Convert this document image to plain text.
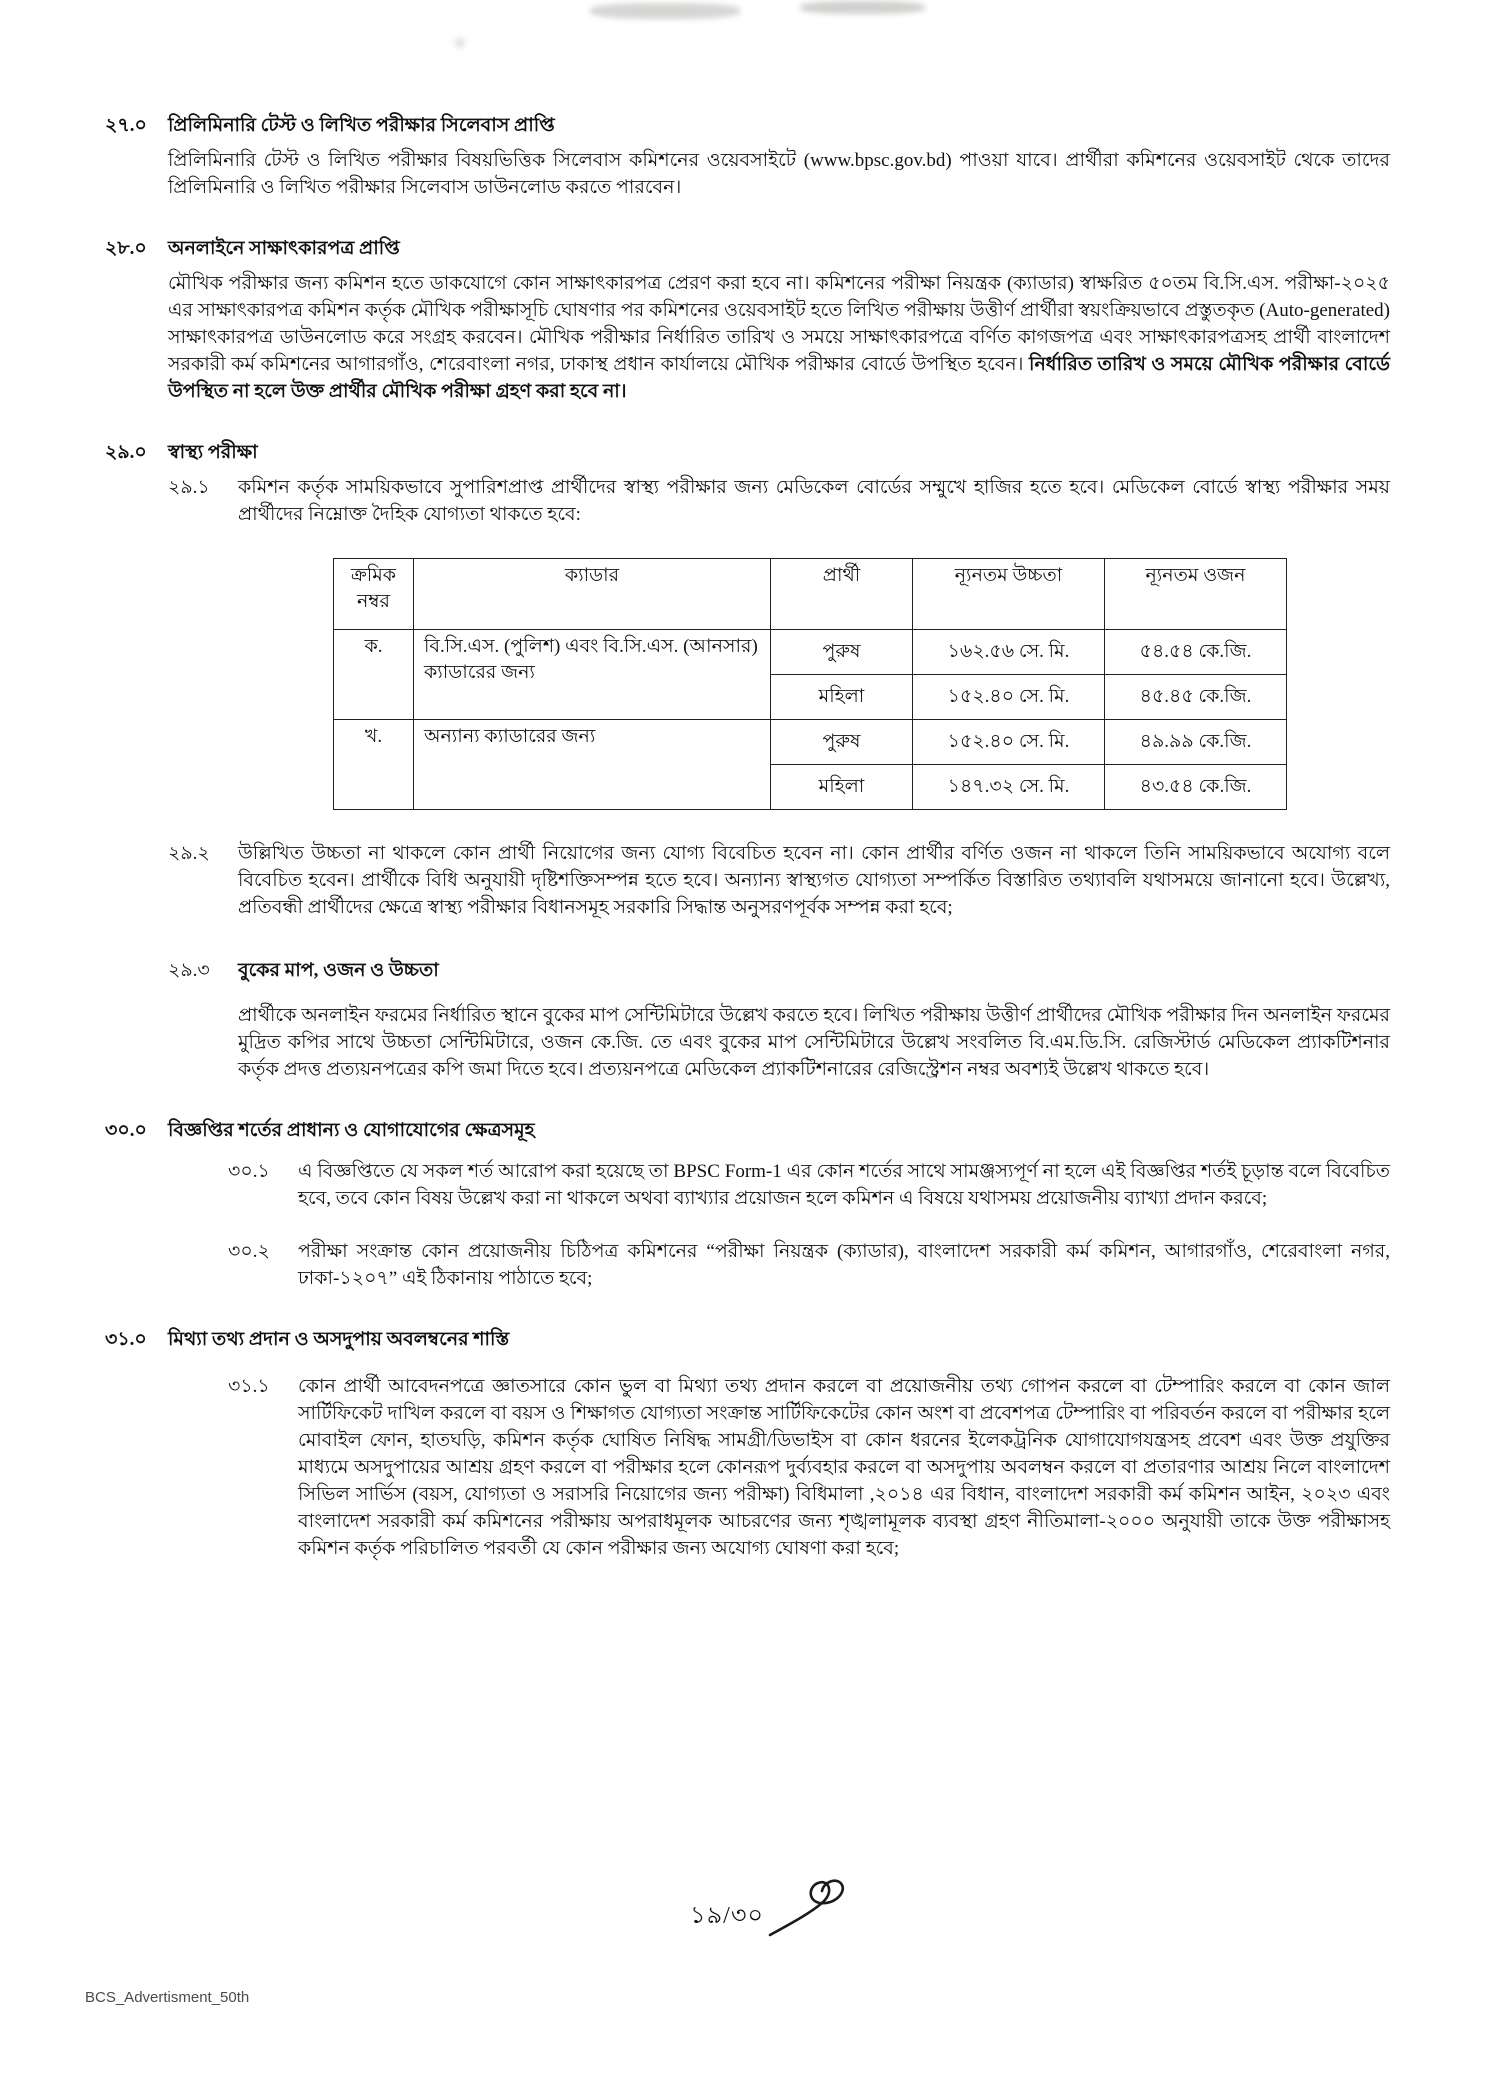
২৭.০	প্রিলিমিনারি টেস্ট ও লিখিত পরীক্ষার সিলেবাস প্রাপ্তি

প্রিলিমিনারি টেস্ট ও লিখিত পরীক্ষার বিষয়ভিত্তিক সিলেবাস কমিশনের ওয়েবসাইটে (www.bpsc.gov.bd) পাওয়া যাবে। প্রার্থীরা কমিশনের ওয়েবসাইট থেকে তাদের প্রিলিমিনারি ও লিখিত পরীক্ষার সিলেবাস ডাউনলোড করতে পারবেন।

২৮.০	অনলাইনে সাক্ষাৎকারপত্র প্রাপ্তি

মৌখিক পরীক্ষার জন্য কমিশন হতে ডাকযোগে কোন সাক্ষাৎকারপত্র প্রেরণ করা হবে না। কমিশনের পরীক্ষা নিয়ন্ত্রক (ক্যাডার) স্বাক্ষরিত ৫০তম বি.সি.এস. পরীক্ষা-২০২৫ এর সাক্ষাৎকারপত্র কমিশন কর্তৃক মৌখিক পরীক্ষাসূচি ঘোষণার পর কমিশনের ওয়েবসাইট হতে লিখিত পরীক্ষায় উত্তীর্ণ প্রার্থীরা স্বয়ংক্রিয়ভাবে প্রস্তুতকৃত (Auto-generated) সাক্ষাৎকারপত্র ডাউনলোড করে সংগ্রহ করবেন। মৌখিক পরীক্ষার নির্ধারিত তারিখ ও সময়ে সাক্ষাৎকারপত্রে বর্ণিত কাগজপত্র এবং সাক্ষাৎকারপত্রসহ প্রার্থী বাংলাদেশ সরকারী কর্ম কমিশনের আগারগাঁও, শেরেবাংলা নগর, ঢাকাস্থ প্রধান কার্যালয়ে মৌখিক পরীক্ষার বোর্ডে উপস্থিত হবেন। নির্ধারিত তারিখ ও সময়ে মৌখিক পরীক্ষার বোর্ডে উপস্থিত না হলে উক্ত প্রার্থীর মৌখিক পরীক্ষা গ্রহণ করা হবে না।

২৯.০	স্বাস্থ্য পরীক্ষা
২৯.১	কমিশন কর্তৃক সাময়িকভাবে সুপারিশপ্রাপ্ত প্রার্থীদের স্বাস্থ্য পরীক্ষার জন্য মেডিকেল বোর্ডের সম্মুখে হাজির হতে হবে। মেডিকেল বোর্ডে স্বাস্থ্য পরীক্ষার সময় প্রার্থীদের নিম্নোক্ত দৈহিক যোগ্যতা থাকতে হবে:
ক্রমিক নম্বর	ক্যাডার	প্রার্থী	ন্যূনতম উচ্চতা	ন্যূনতম ওজন
ক.	বি.সি.এস. (পুলিশ) এবং বি.সি.এস. (আনসার) ক্যাডারের জন্য	পুরুষ	১৬২.৫৬ সে. মি.	৫৪.৫৪ কে.জি.
		মহিলা	১৫২.৪০ সে. মি.	৪৫.৪৫ কে.জি.
খ.	অন্যান্য ক্যাডারের জন্য	পুরুষ	১৫২.৪০ সে. মি.	৪৯.৯৯ কে.জি.
		মহিলা	১৪৭.৩২ সে. মি.	৪৩.৫৪ কে.জি.
২৯.২	উল্লিখিত উচ্চতা না থাকলে কোন প্রার্থী নিয়োগের জন্য যোগ্য বিবেচিত হবেন না। কোন প্রার্থীর বর্ণিত ওজন না থাকলে তিনি সাময়িকভাবে অযোগ্য বলে বিবেচিত হবেন। প্রার্থীকে বিধি অনুযায়ী দৃষ্টিশক্তিসম্পন্ন হতে হবে। অন্যান্য স্বাস্থ্যগত যোগ্যতা সম্পর্কিত বিস্তারিত তথ্যাবলি যথাসময়ে জানানো হবে। উল্লেখ্য, প্রতিবন্ধী প্রার্থীদের ক্ষেত্রে স্বাস্থ্য পরীক্ষার বিধানসমূহ সরকারি সিদ্ধান্ত অনুসরণপূর্বক সম্পন্ন করা হবে;
২৯.৩	বুকের মাপ, ওজন ও উচ্চতা

প্রার্থীকে অনলাইন ফরমের নির্ধারিত স্থানে বুকের মাপ সেন্টিমিটারে উল্লেখ করতে হবে। লিখিত পরীক্ষায় উত্তীর্ণ প্রার্থীদের মৌখিক পরীক্ষার দিন অনলাইন ফরমের মুদ্রিত কপির সাথে উচ্চতা সেন্টিমিটারে, ওজন কে.জি. তে এবং বুকের মাপ সেন্টিমিটারে উল্লেখ সংবলিত বি.এম.ডি.সি. রেজিস্টার্ড মেডিকেল প্র্যাকটিশনার কর্তৃক প্রদত্ত প্রত্যয়নপত্রের কপি জমা দিতে হবে। প্রত্যয়নপত্রে মেডিকেল প্র্যাকটিশনারের রেজিস্ট্রেশন নম্বর অবশ্যই উল্লেখ থাকতে হবে।

৩০.০	বিজ্ঞপ্তির শর্তের প্রাধান্য ও যোগাযোগের ক্ষেত্রসমূহ
৩০.১	এ বিজ্ঞপ্তিতে যে সকল শর্ত আরোপ করা হয়েছে তা BPSC Form-1 এর কোন শর্তের সাথে সামঞ্জস্যপূর্ণ না হলে এই বিজ্ঞপ্তির শর্তই চূড়ান্ত বলে বিবেচিত হবে, তবে কোন বিষয় উল্লেখ করা না থাকলে অথবা ব্যাখ্যার প্রয়োজন হলে কমিশন এ বিষয়ে যথাসময় প্রয়োজনীয় ব্যাখ্যা প্রদান করবে;
৩০.২	পরীক্ষা সংক্রান্ত কোন প্রয়োজনীয় চিঠিপত্র কমিশনের “পরীক্ষা নিয়ন্ত্রক (ক্যাডার), বাংলাদেশ সরকারী কর্ম কমিশন, আগারগাঁও, শেরেবাংলা নগর, ঢাকা-১২০৭” এই ঠিকানায় পাঠাতে হবে;
৩১.০	মিথ্যা তথ্য প্রদান ও অসদুপায় অবলম্বনের শাস্তি
৩১.১	কোন প্রার্থী আবেদনপত্রে জ্ঞাতসারে কোন ভুল বা মিথ্যা তথ্য প্রদান করলে বা প্রয়োজনীয় তথ্য গোপন করলে বা টেম্পারিং করলে বা কোন জাল সার্টিফিকেট দাখিল করলে বা বয়স ও শিক্ষাগত যোগ্যতা সংক্রান্ত সার্টিফিকেটের কোন অংশ বা প্রবেশপত্র টেম্পারিং বা পরিবর্তন করলে বা পরীক্ষার হলে মোবাইল ফোন, হাতঘড়ি, কমিশন কর্তৃক ঘোষিত নিষিদ্ধ সামগ্রী/ডিভাইস বা কোন ধরনের ইলেকট্রনিক যোগাযোগযন্ত্রসহ প্রবেশ এবং উক্ত প্রযুক্তির মাধ্যমে অসদুপায়ের আশ্রয় গ্রহণ করলে বা পরীক্ষার হলে কোনরূপ দুর্ব্যবহার করলে বা অসদুপায় অবলম্বন করলে বা প্রতারণার আশ্রয় নিলে বাংলাদেশ সিভিল সার্ভিস (বয়স, যোগ্যতা ও সরাসরি নিয়োগের জন্য পরীক্ষা) বিধিমালা ,২০১৪ এর বিধান, বাংলাদেশ সরকারী কর্ম কমিশন আইন, ২০২৩ এবং বাংলাদেশ সরকারী কর্ম কমিশনের পরীক্ষায় অপরাধমূলক আচরণের জন্য শৃঙ্খলামূলক ব্যবস্থা গ্রহণ নীতিমালা-২০০০ অনুযায়ী তাকে উক্ত পরীক্ষাসহ কমিশন কর্তৃক পরিচালিত পরবর্তী যে কোন পরীক্ষার জন্য অযোগ্য ঘোষণা করা হবে;
১৯/৩০
BCS_Advertisment_50th
